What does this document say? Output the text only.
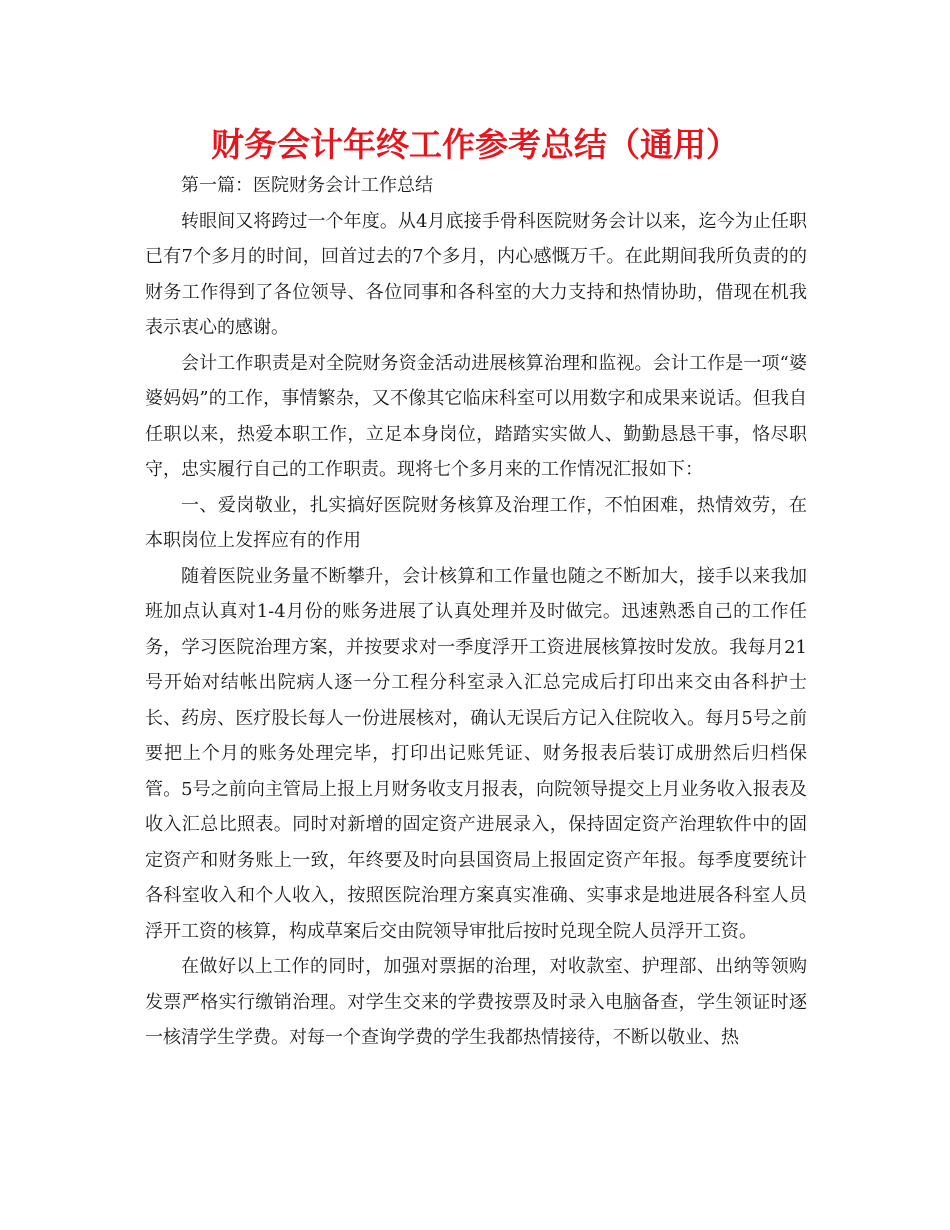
财务会计年终工作参考总结（通用）

第一篇：医院财务会计工作总结

转眼间又将跨过一个年度。从4月底接手骨科医院财务会计以来，迄今为止任职已有7个多月的时间，回首过去的7个多月，内心感慨万千。在此期间我所负责的的财务工作得到了各位领导、各位同事和各科室的大力支持和热情协助，借现在机我表示衷心的感谢。

会计工作职责是对全院财务资金活动进展核算治理和监视。会计工作是一项“婆婆妈妈”的工作，事情繁杂，又不像其它临床科室可以用数字和成果来说话。但我自任职以来，热爱本职工作，立足本身岗位，踏踏实实做人、勤勤恳恳干事，恪尽职守，忠实履行自己的工作职责。现将七个多月来的工作情况汇报如下：

一、爱岗敬业，扎实搞好医院财务核算及治理工作，不怕困难，热情效劳，在本职岗位上发挥应有的作用

随着医院业务量不断攀升，会计核算和工作量也随之不断加大，接手以来我加班加点认真对1-4月份的账务进展了认真处理并及时做完。迅速熟悉自己的工作任务，学习医院治理方案，并按要求对一季度浮开工资进展核算按时发放。我每月21号开始对结帐出院病人逐一分工程分科室录入汇总完成后打印出来交由各科护士长、药房、医疗股长每人一份进展核对，确认无误后方记入住院收入。每月5号之前要把上个月的账务处理完毕，打印出记账凭证、财务报表后装订成册然后归档保管。5号之前向主管局上报上月财务收支月报表，向院领导提交上月业务收入报表及收入汇总比照表。同时对新增的固定资产进展录入，保持固定资产治理软件中的固定资产和财务账上一致，年终要及时向县国资局上报固定资产年报。每季度要统计各科室收入和个人收入，按照医院治理方案真实准确、实事求是地进展各科室人员浮开工资的核算，构成草案后交由院领导审批后按时兑现全院人员浮开工资。

在做好以上工作的同时，加强对票据的治理，对收款室、护理部、出纳等领购发票严格实行缴销治理。对学生交来的学费按票及时录入电脑备查，学生领证时逐一核清学生学费。对每一个查询学费的学生我都热情接待，不断以敬业、热
